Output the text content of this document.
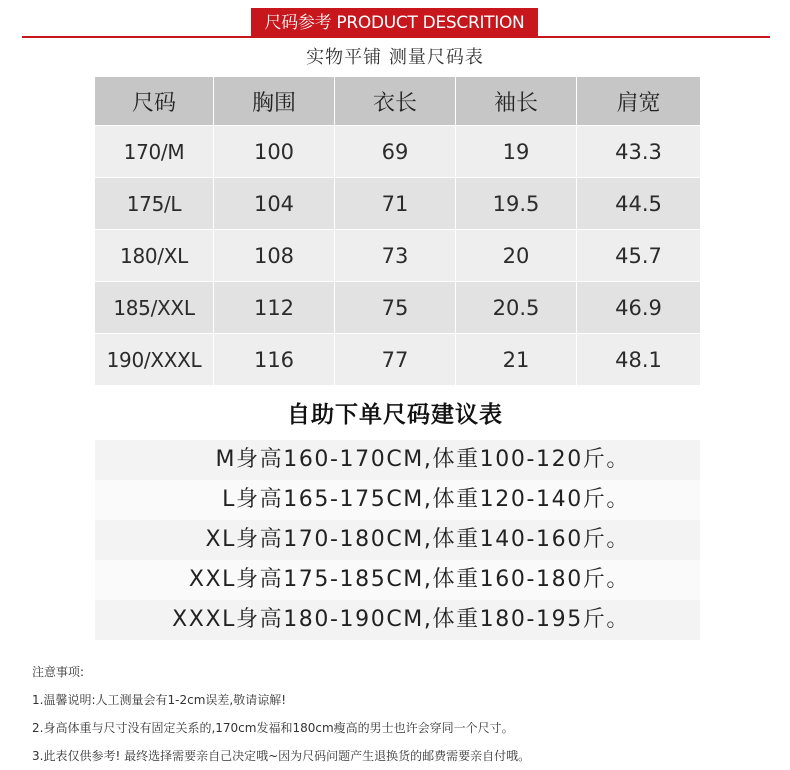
尺码参考 PRODUCT DESCRITION
实物平铺 测量尺码表
尺码	胸围	衣长	袖长	肩宽
170/M	100	69	19	43.3
175/L	104	71	19.5	44.5
180/XL	108	73	20	45.7
185/XXL	112	75	20.5	46.9
190/XXXL	116	77	21	48.1
自助下单尺码建议表
M身高160-170CM,体重100-120斤。
L身高165-175CM,体重120-140斤。
XL身高170-180CM,体重140-160斤。
XXL身高175-185CM,体重160-180斤。
XXXL身高180-190CM,体重180-195斤。
注意事项:
1.温馨说明:人工测量会有1-2cm误差,敬请谅解!
2.身高体重与尺寸没有固定关系的,170cm发福和180cm瘦高的男士也许会穿同一个尺寸。
3.此表仅供参考! 最终选择需要亲自己决定哦~因为尺码问题产生退换货的邮费需要亲自付哦。
